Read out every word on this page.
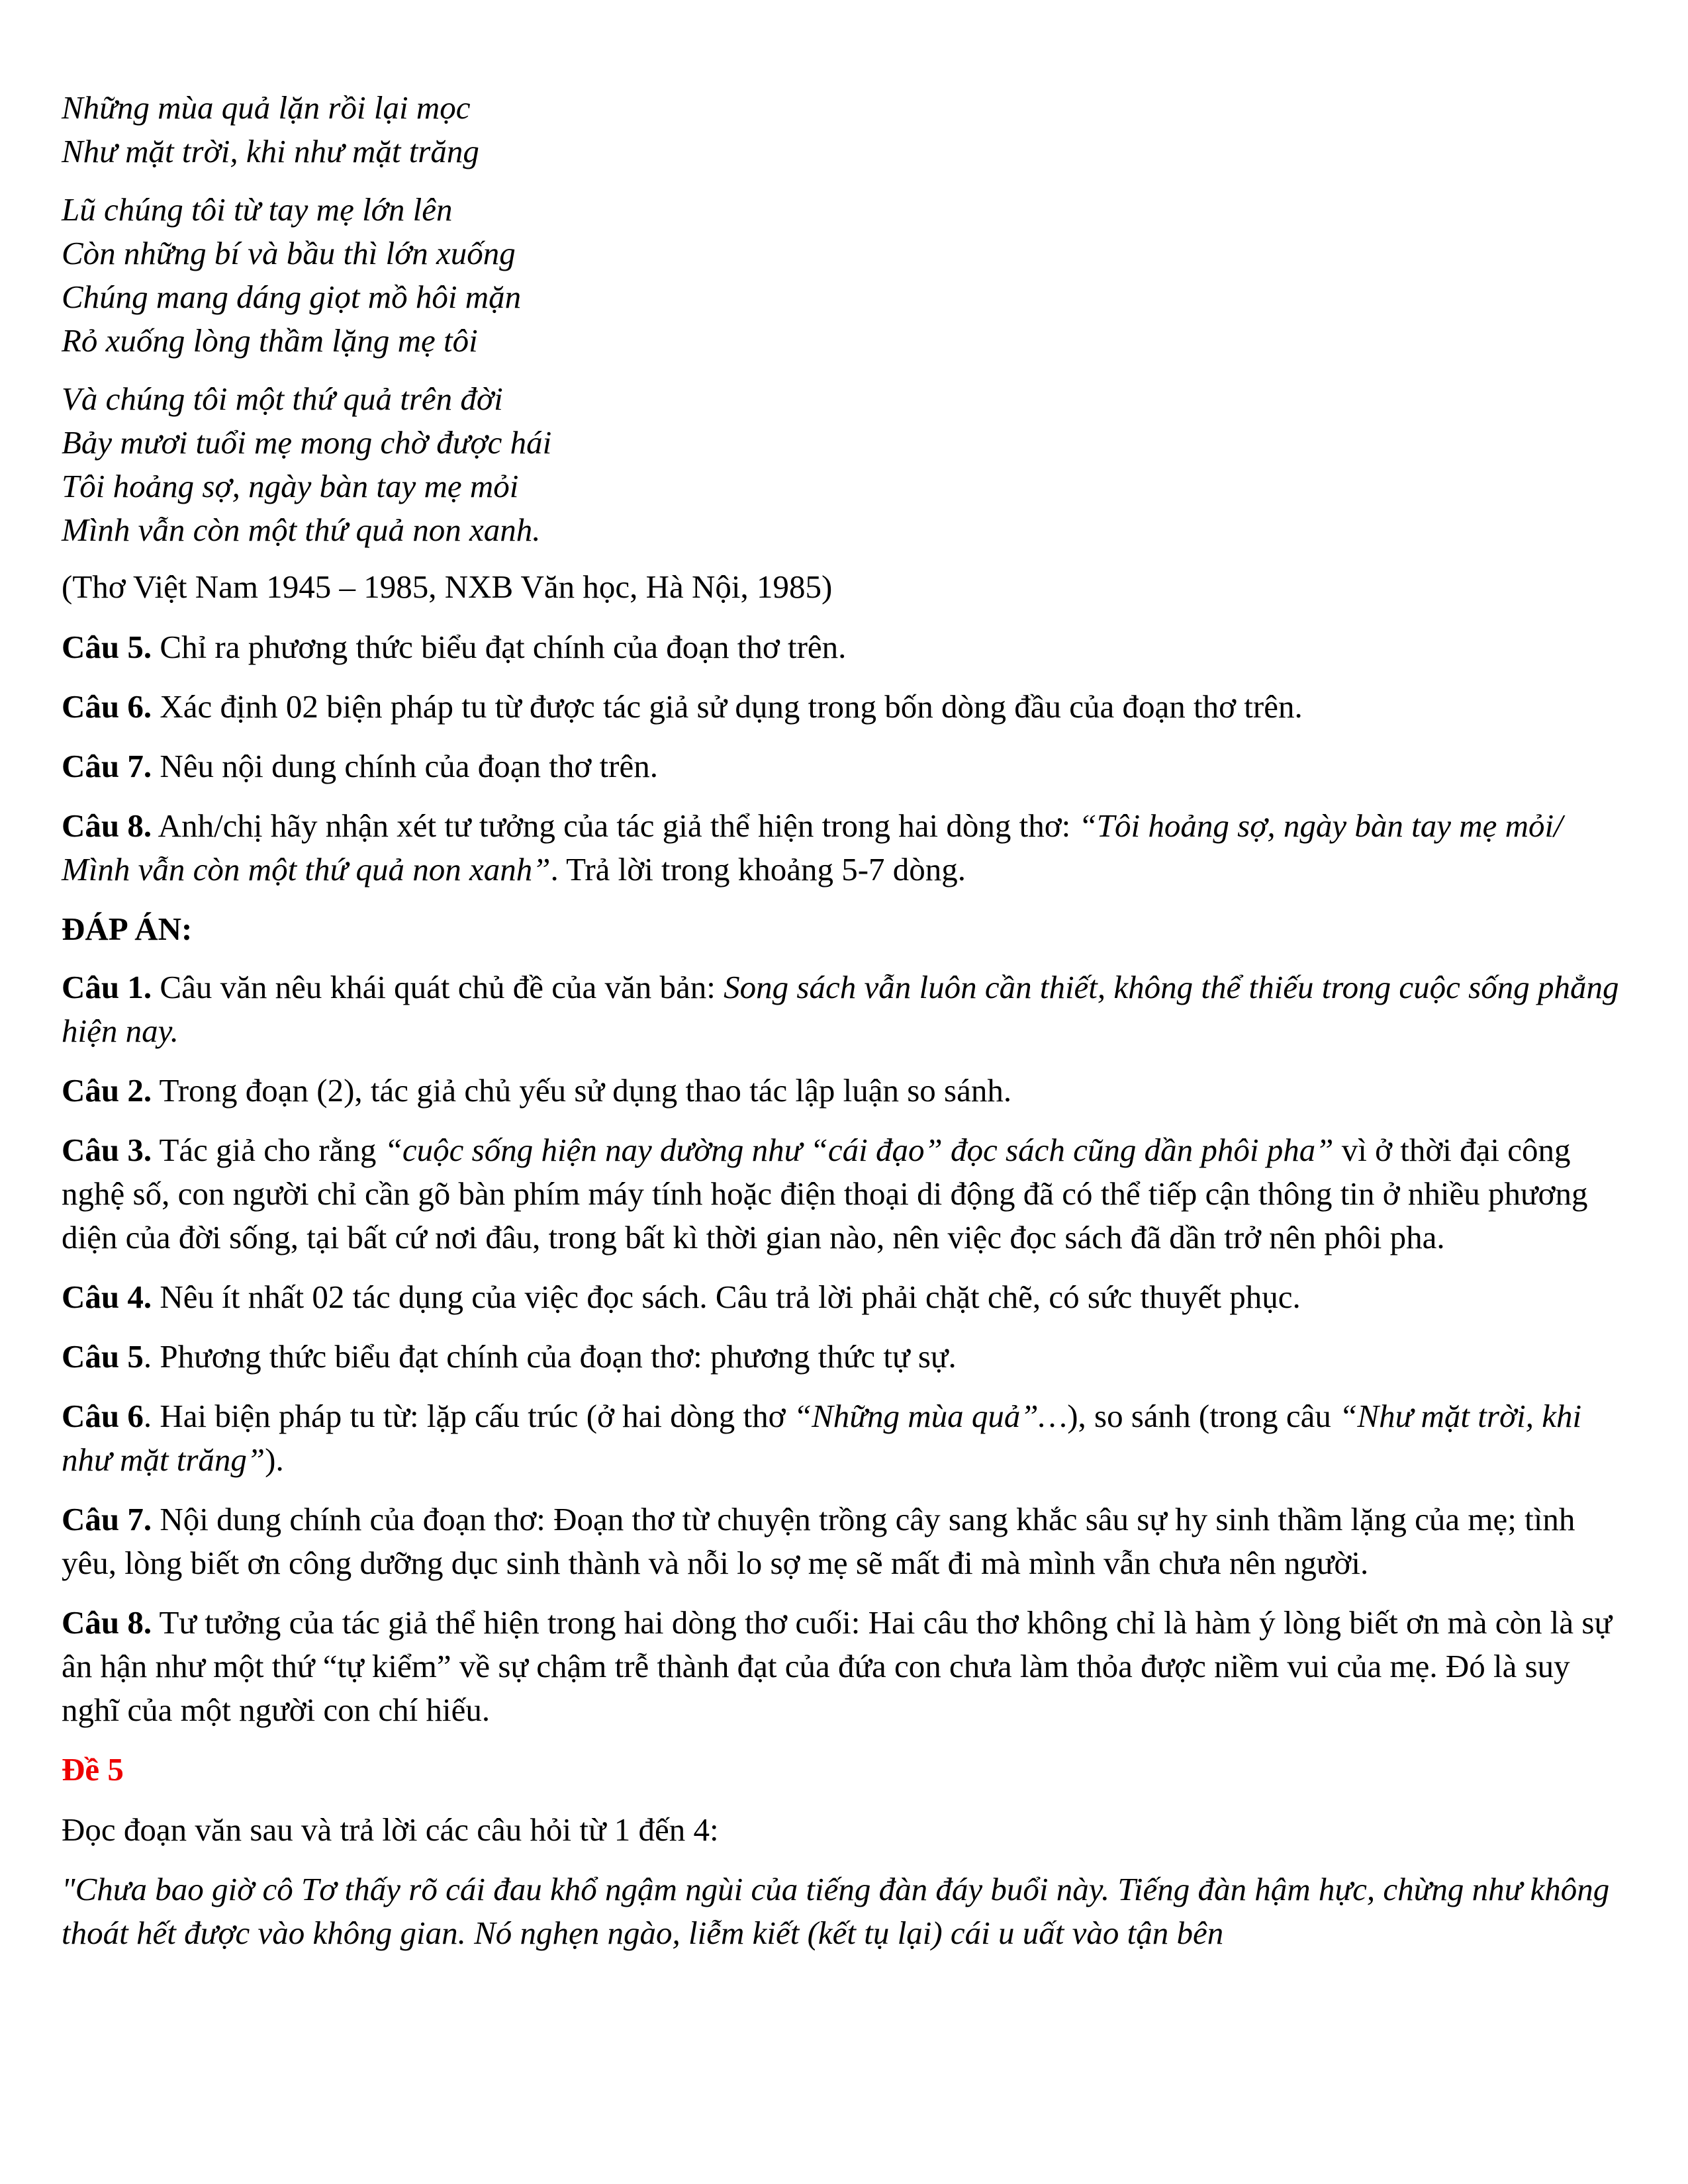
Những mùa quả lặn rồi lại mọc
Như mặt trời, khi như mặt trăng
Lũ chúng tôi từ tay mẹ lớn lên
Còn những bí và bầu thì lớn xuống
Chúng mang dáng giọt mồ hôi mặn
Rỏ xuống lòng thầm lặng mẹ tôi
Và chúng tôi một thứ quả trên đời
Bảy mươi tuổi mẹ mong chờ được hái
Tôi hoảng sợ, ngày bàn tay mẹ mỏi
Mình vẫn còn một thứ quả non xanh.

(Thơ Việt Nam 1945 – 1985, NXB Văn học, Hà Nội, 1985)

Câu 5. Chỉ ra phương thức biểu đạt chính của đoạn thơ trên.

Câu 6. Xác định 02 biện pháp tu từ được tác giả sử dụng trong bốn dòng đầu của đoạn thơ trên.

Câu 7. Nêu nội dung chính của đoạn thơ trên.

Câu 8. Anh/chị hãy nhận xét tư tưởng của tác giả thể hiện trong hai dòng thơ: “Tôi hoảng sợ, ngày bàn tay mẹ mỏi/ Mình vẫn còn một thứ quả non xanh”. Trả lời trong khoảng 5-7 dòng.

ĐÁP ÁN:

Câu 1. Câu văn nêu khái quát chủ đề của văn bản: Song sách vẫn luôn cần thiết, không thể thiếu trong cuộc sống phẳng hiện nay.

Câu 2. Trong đoạn (2), tác giả chủ yếu sử dụng thao tác lập luận so sánh.

Câu 3. Tác giả cho rằng “cuộc sống hiện nay dường như “cái đạo” đọc sách cũng dần phôi pha” vì ở thời đại công nghệ số, con người chỉ cần gõ bàn phím máy tính hoặc điện thoại di động đã có thể tiếp cận thông tin ở nhiều phương diện của đời sống, tại bất cứ nơi đâu, trong bất kì thời gian nào, nên việc đọc sách đã dần trở nên phôi pha.

Câu 4. Nêu ít nhất 02 tác dụng của việc đọc sách. Câu trả lời phải chặt chẽ, có sức thuyết phục.

Câu 5. Phương thức biểu đạt chính của đoạn thơ: phương thức tự sự.

Câu 6. Hai biện pháp tu từ: lặp cấu trúc (ở hai dòng thơ “Những mùa quả”…), so sánh (trong câu “Như mặt trời, khi như mặt trăng”).

Câu 7. Nội dung chính của đoạn thơ: Đoạn thơ từ chuyện trồng cây sang khắc sâu sự hy sinh thầm lặng của mẹ; tình yêu, lòng biết ơn công dưỡng dục sinh thành và nỗi lo sợ mẹ sẽ mất đi mà mình vẫn chưa nên người.

Câu 8. Tư tưởng của tác giả thể hiện trong hai dòng thơ cuối: Hai câu thơ không chỉ là hàm ý lòng biết ơn mà còn là sự ân hận như một thứ “tự kiểm” về sự chậm trễ thành đạt của đứa con chưa làm thỏa được niềm vui của mẹ. Đó là suy nghĩ của một người con chí hiếu.

Đề 5

Đọc đoạn văn sau và trả lời các câu hỏi từ 1 đến 4:

"Chưa bao giờ cô Tơ thấy rõ cái đau khổ ngậm ngùi của tiếng đàn đáy buổi này. Tiếng đàn hậm hực, chừng như không thoát hết được vào không gian. Nó nghẹn ngào, liễm kiết (kết tụ lại) cái u uất vào tận bên
